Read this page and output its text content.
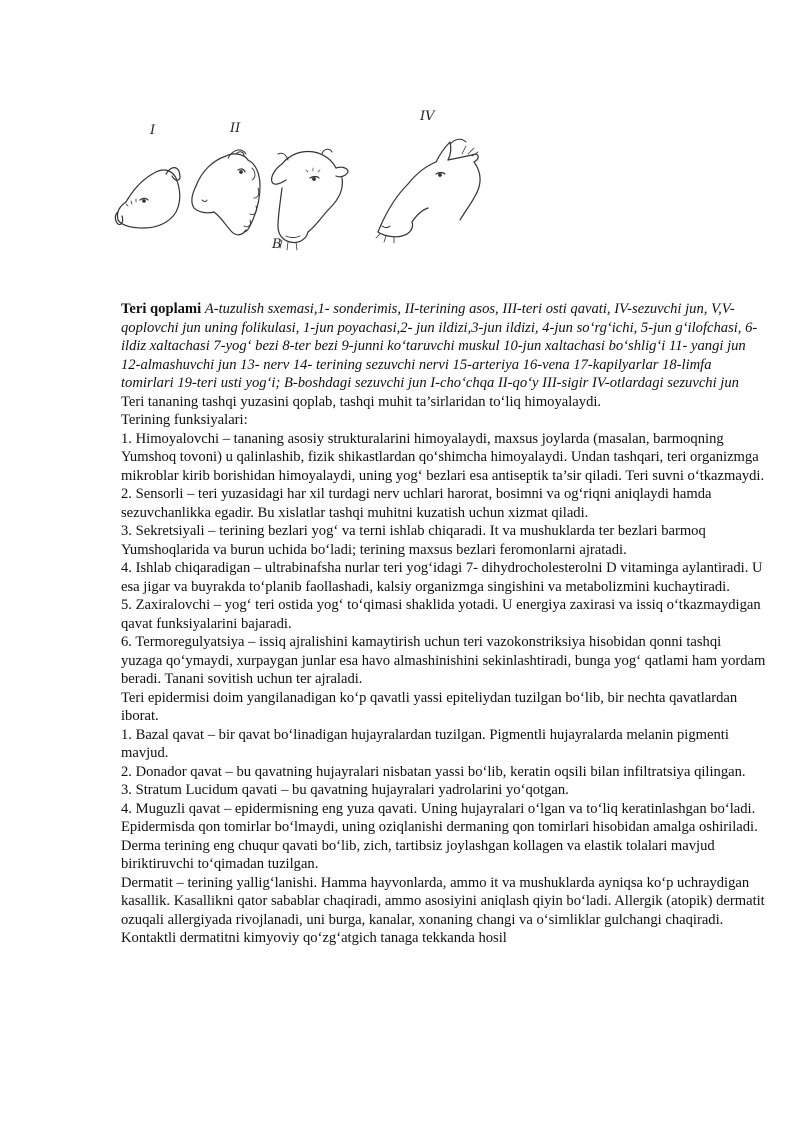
I	II
IV
B

Teri qoplami A-tuzulish sxemasi,1- sonderimis, II-terining asos, III-teri osti qavati, IV-sezuvchi jun, V,V-qoplovchi jun uning folikulasi, 1-jun poyachasi,2- jun ildizi,3-jun ildizi, 4-jun so‘rg‘ichi, 5-jun g‘ilofchasi, 6-ildiz xaltachasi 7-yog‘ bezi 8-ter bezi 9-junni ko‘taruvchi muskul 10-jun xaltachasi bo‘shlig‘i 11- yangi jun 12-almashuvchi jun 13- nerv 14- terining sezuvchi nervi 15-arteriya 16-vena 17-kapilyarlar 18-limfa tomirlari 19-teri usti yog‘i; B-boshdagi sezuvchi jun I-cho‘chqa II-qo‘y III-sigir IV-otlardagi sezuvchi jun

Teri tananing tashqi yuzasini qoplab, tashqi muhit ta’sirlaridan to‘liq himoyalaydi.

Terining funksiyalari:

1. Himoyalovchi – tananing asosiy strukturalarini himoyalaydi, maxsus joylarda (masalan, barmoqning Yumshoq tovoni) u qalinlashib, fizik shikastlardan qo‘shimcha himoyalaydi. Undan tashqari, teri organizmga mikroblar kirib borishidan himoyalaydi, uning yog‘ bezlari esa antiseptik ta’sir qiladi. Teri suvni o‘tkazmaydi.

2. Sensorli – teri yuzasidagi har xil turdagi nerv uchlari harorat, bosimni va og‘riqni aniqlaydi hamda sezuvchanlikka egadir. Bu xislatlar tashqi muhitni kuzatish uchun xizmat qiladi.

3. Sekretsiyali – terining bezlari yog‘ va terni ishlab chiqaradi. It va mushuklarda ter bezlari barmoq Yumshoqlarida va burun uchida bo‘ladi; terining maxsus bezlari feromonlarni ajratadi.

4. Ishlab chiqaradigan – ultrabinafsha nurlar teri yog‘idagi 7- dihydrocholesterolni D vitaminga aylantiradi. U esa jigar va buyrakda to‘planib faollashadi, kalsiy organizmga singishini va metabolizmini kuchaytiradi.

5. Zaxiralovchi – yog‘ teri ostida yog‘ to‘qimasi shaklida yotadi. U energiya zaxirasi va issiq o‘tkazmaydigan qavat funksiyalarini bajaradi.

6. Termoregulyatsiya – issiq ajralishini kamaytirish uchun teri vazokonstriksiya hisobidan qonni tashqi yuzaga qo‘ymaydi, xurpaygan junlar esa havo almashinishini sekinlashtiradi, bunga yog‘ qatlami ham yordam beradi. Tanani sovitish uchun ter ajraladi.

Teri epidermisi doim yangilanadigan ko‘p qavatli yassi epiteliydan tuzilgan bo‘lib, bir nechta qavatlardan iborat.

1. Bazal qavat – bir qavat bo‘linadigan hujayralardan tuzilgan. Pigmentli hujayralarda melanin pigmenti mavjud.

2. Donador qavat – bu qavatning hujayralari nisbatan yassi bo‘lib, keratin oqsili bilan infiltratsiya qilingan.

3. Stratum Lucidum qavati – bu qavatning hujayralari yadrolarini yo‘qotgan.

4. Muguzli qavat – epidermisning eng yuza qavati. Uning hujayralari o‘lgan va to‘liq keratinlashgan bo‘ladi. Epidermisda qon tomirlar bo‘lmaydi, uning oziqlanishi dermaning qon tomirlari hisobidan amalga oshiriladi.

Derma terining eng chuqur qavati bo‘lib, zich, tartibsiz joylashgan kollagen va elastik tolalari mavjud biriktiruvchi to‘qimadan tuzilgan.

Dermatit – terining yallig‘lanishi. Hamma hayvonlarda, ammo it va mushuklarda ayniqsa ko‘p uchraydigan kasallik. Kasallikni qator sabablar chaqiradi, ammo asosiyini aniqlash qiyin bo‘ladi. Allergik (atopik) dermatit ozuqali allergiyada rivojlanadi, uni burga, kanalar, xonaning changi va o‘simliklar gulchangi chaqiradi. Kontaktli dermatitni kimyoviy qo‘zg‘atgich tanaga tekkanda hosil
